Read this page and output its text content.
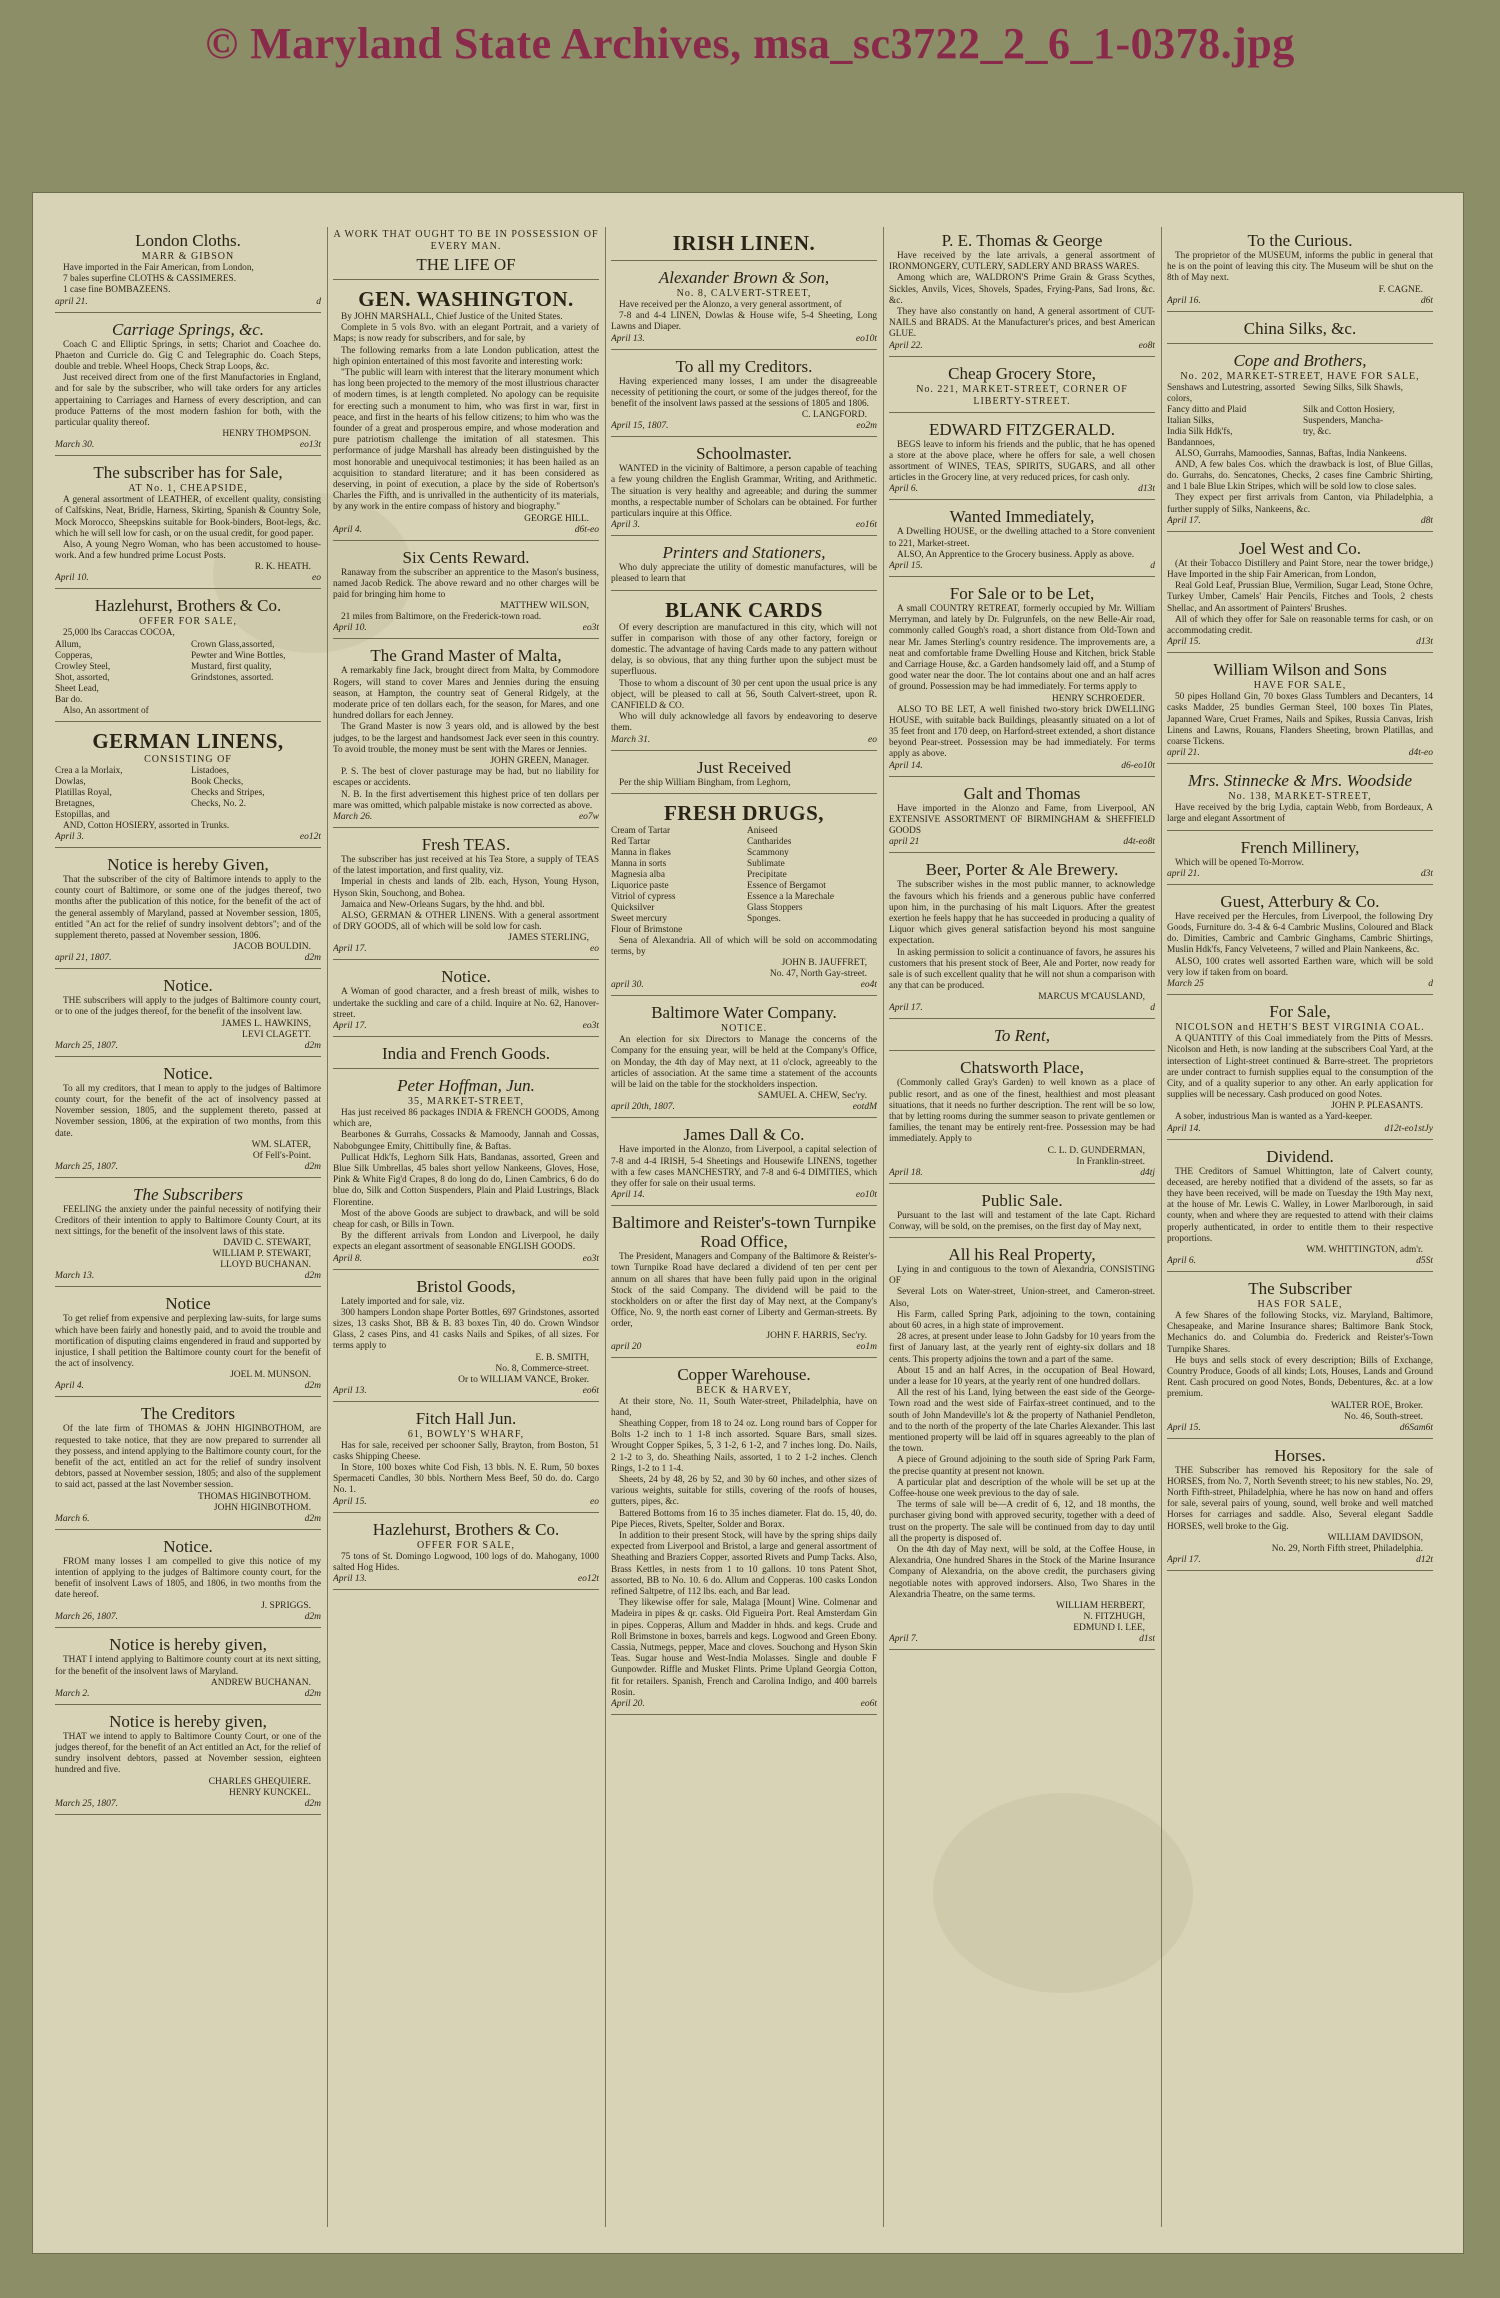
© Maryland State Archives, msa_sc3722_2_6_1-0378.jpg
London Cloths.
MARR & GIBSON

Have imported in the Fair American, from London,

7 bales superfine CLOTHS & CASSIMERES.

1 case fine BOMBAZEENS.

april 21.	d
Carriage Springs, &c.

Coach C and Elliptic Springs, in setts; Chariot and Coachee do. Phaeton and Curricle do. Gig C and Telegraphic do. Coach Steps, double and treble. Wheel Hoops, Check Strap Loops, &c.

Just received direct from one of the first Manufactories in England, and for sale by the subscriber, who will take orders for any articles appertaining to Carriages and Harness of every description, and can produce Patterns of the most modern fashion for both, with the particular quality thereof.

HENRY THOMPSON.
March 30.	eo13t
The subscriber has for Sale,
AT No. 1, CHEAPSIDE,

A general assortment of LEATHER, of excellent quality, consisting of Calfskins, Neat, Bridle, Harness, Skirting, Spanish & Country Sole, Mock Morocco, Sheepskins suitable for Book-binders, Boot-legs, &c. which he will sell low for cash, or on the usual credit, for good paper.

Also, A young Negro Woman, who has been accustomed to house-work. And a few hundred prime Locust Posts.

R. K. HEATH.
April 10.	eo
Hazlehurst, Brothers & Co.
OFFER FOR SALE,

25,000 lbs Caraccas COCOA,

Allum,	Crown Glass,assorted,
Copperas,	Pewter and Wine Bottles,
Crowley Steel,	Mustard, first quality,
Shot, assorted,	Grindstones, assorted.
Sheet Lead,
Bar do.

Also, An assortment of

GERMAN LINENS,
CONSISTING OF
Crea a la Morlaix,	Listadoes,
Dowlas,	Book Checks,
Platillas Royal,	Checks and Stripes,
Bretagnes,	Checks, No. 2.
Estopillas, and

AND, Cotton HOSIERY, assorted in Trunks.

April 3.	eo12t
Notice is hereby Given,

That the subscriber of the city of Baltimore intends to apply to the county court of Baltimore, or some one of the judges thereof, two months after the publication of this notice, for the benefit of the act of the general assembly of Maryland, passed at November session, 1805, entitled "An act for the relief of sundry insolvent debtors"; and of the supplement thereto, passed at November session, 1806.

JACOB BOULDIN.
april 21, 1807.	d2m
Notice.

THE subscribers will apply to the judges of Baltimore county court, or to one of the judges thereof, for the benefit of the insolvent law.

JAMES L. HAWKINS,
LEVI CLAGETT.
March 25, 1807.	d2m
Notice.

To all my creditors, that I mean to apply to the judges of Baltimore county court, for the benefit of the act of insolvency passed at November session, 1805, and the supplement thereto, passed at November session, 1806, at the expiration of two months, from this date.

WM. SLATER,
Of Fell's-Point.
March 25, 1807.	d2m
The Subscribers

FEELING the anxiety under the painful necessity of notifying their Creditors of their intention to apply to Baltimore County Court, at its next sittings, for the benefit of the insolvent laws of this state.

DAVID C. STEWART,
WILLIAM P. STEWART,
LLOYD BUCHANAN.
March 13.	d2m
Notice

To get relief from expensive and perplexing law-suits, for large sums which have been fairly and honestly paid, and to avoid the trouble and mortification of disputing claims engendered in fraud and supported by injustice, I shall petition the Baltimore county court for the benefit of the act of insolvency.

JOEL M. MUNSON.
April 4.	d2m
The Creditors

Of the late firm of THOMAS & JOHN HIGINBOTHOM, are requested to take notice, that they are now prepared to surrender all they possess, and intend applying to the Baltimore county court, for the benefit of the act, entitled an act for the relief of sundry insolvent debtors, passed at November session, 1805; and also of the supplement to said act, passed at the last November session.

THOMAS HIGINBOTHOM.
JOHN HIGINBOTHOM.
March 6.	d2m
Notice.

FROM many losses I am compelled to give this notice of my intention of applying to the judges of Baltimore county court, for the benefit of insolvent Laws of 1805, and 1806, in two months from the date hereof.

J. SPRIGGS.
March 26, 1807.	d2m
Notice is hereby given,

THAT I intend applying to Baltimore county court at its next sitting, for the benefit of the insolvent laws of Maryland.

ANDREW BUCHANAN.
March 2.	d2m
Notice is hereby given,

THAT we intend to apply to Baltimore County Court, or one of the judges thereof, for the benefit of an Act entitled an Act, for the relief of sundry insolvent debtors, passed at November session, eighteen hundred and five.

CHARLES GHEQUIERE.
HENRY KUNCKEL.
March 25, 1807.	d2m
A WORK THAT OUGHT TO BE IN POSSESSION OF EVERY MAN.
THE LIFE OF
GEN. WASHINGTON.

By JOHN MARSHALL, Chief Justice of the United States.

Complete in 5 vols 8vo. with an elegant Portrait, and a variety of Maps; is now ready for subscribers, and for sale, by

The following remarks from a late London publication, attest the high opinion entertained of this most favorite and interesting work:

"The public will learn with interest that the literary monument which has long been projected to the memory of the most illustrious character of modern times, is at length completed. No apology can be requisite for erecting such a monument to him, who was first in war, first in peace, and first in the hearts of his fellow citizens; to him who was the founder of a great and prosperous empire, and whose moderation and pure patriotism challenge the imitation of all statesmen. This performance of judge Marshall has already been distinguished by the most honorable and unequivocal testimonies; it has been hailed as an acquisition to standard literature; and it has been considered as deserving, in point of execution, a place by the side of Robertson's Charles the Fifth, and is unrivalled in the authenticity of its materials, by any work in the entire compass of history and biography."

GEORGE HILL.
April 4.	d6t-eo
Six Cents Reward.

Ranaway from the subscriber an apprentice to the Mason's business, named Jacob Redick. The above reward and no other charges will be paid for bringing him home to

MATTHEW WILSON,

21 miles from Baltimore, on the Frederick-town road.

April 10.	eo3t
The Grand Master of Malta,

A remarkably fine Jack, brought direct from Malta, by Commodore Rogers, will stand to cover Mares and Jennies during the ensuing season, at Hampton, the country seat of General Ridgely, at the moderate price of ten dollars each, for the season, for Mares, and one hundred dollars for each Jenney.

The Grand Master is now 3 years old, and is allowed by the best judges, to be the largest and handsomest Jack ever seen in this country. To avoid trouble, the money must be sent with the Mares or Jennies.

JOHN GREEN, Manager.

P. S. The best of clover pasturage may be had, but no liability for escapes or accidents.

N. B. In the first advertisement this highest price of ten dollars per mare was omitted, which palpable mistake is now corrected as above.

March 26.	eo7w
Fresh TEAS.

The subscriber has just received at his Tea Store, a supply of TEAS of the latest importation, and first quality, viz.

Imperial in chests and lands of 2lb. each, Hyson, Young Hyson, Hyson Skin, Souchong, and Bohea.

Jamaica and New-Orleans Sugars, by the hhd. and bbl.

ALSO, GERMAN & OTHER LINENS. With a general assortment of DRY GOODS, all of which will be sold low for cash.

JAMES STERLING,
April 17.	eo
Notice.

A Woman of good character, and a fresh breast of milk, wishes to undertake the suckling and care of a child. Inquire at No. 62, Hanover-street.

April 17.	eo3t
India and French Goods.
Peter Hoffman, Jun.
35, MARKET-STREET,

Has just received 86 packages INDIA & FRENCH GOODS, Among which are,

Bearbones & Gurrahs, Cossacks & Mamoody, Jannah and Cossas, Nabobgungee Emity, Chittibully fine, & Baftas.

Pullicat Hdk'fs, Leghorn Silk Hats, Bandanas, assorted, Green and Blue Silk Umbrellas, 45 bales short yellow Nankeens, Gloves, Hose, Pink & White Fig'd Crapes, 8 do long do do, Linen Cambrics, 6 do do blue do, Silk and Cotton Suspenders, Plain and Plaid Lustrings, Black Florentine.

Most of the above Goods are subject to drawback, and will be sold cheap for cash, or Bills in Town.

By the different arrivals from London and Liverpool, he daily expects an elegant assortment of seasonable ENGLISH GOODS.

April 8.	eo3t
Bristol Goods,

Lately imported and for sale, viz.

300 hampers London shape Porter Bottles, 697 Grindstones, assorted sizes, 13 casks Shot, BB & B. 83 boxes Tin, 40 do. Crown Windsor Glass, 2 cases Pins, and 41 casks Nails and Spikes, of all sizes. For terms apply to

E. B. SMITH,
No. 8, Commerce-street.
Or to WILLIAM VANCE, Broker.
April 13.	eo6t
Fitch Hall Jun.
61, BOWLY'S WHARF,

Has for sale, received per schooner Sally, Brayton, from Boston, 51 casks Shipping Cheese.

In Store, 100 boxes white Cod Fish, 13 bbls. N. E. Rum, 50 boxes Spermaceti Candles, 30 bbls. Northern Mess Beef, 50 do. do. Cargo No. 1.

April 15.	eo
Hazlehurst, Brothers & Co.
OFFER FOR SALE,

75 tons of St. Domingo Logwood, 100 logs of do. Mahogany, 1000 salted Hog Hides.

April 13.	eo12t
IRISH LINEN.
Alexander Brown & Son,
No. 8, CALVERT-STREET,

Have received per the Alonzo, a very general assortment, of

7-8 and 4-4 LINEN, Dowlas & House wife, 5-4 Sheeting, Long Lawns and Diaper.

April 13.	eo10t
To all my Creditors.

Having experienced many losses, I am under the disagreeable necessity of petitioning the court, or some of the judges thereof, for the benefit of the insolvent laws passed at the sessions of 1805 and 1806.

C. LANGFORD.
April 15, 1807.	eo2m
Schoolmaster.

WANTED in the vicinity of Baltimore, a person capable of teaching a few young children the English Grammar, Writing, and Arithmetic. The situation is very healthy and agreeable; and during the summer months, a respectable number of Scholars can be obtained. For further particulars inquire at this Office.

April 3.	eo16t
Printers and Stationers,

Who duly appreciate the utility of domestic manufactures, will be pleased to learn that

BLANK CARDS

Of every description are manufactured in this city, which will not suffer in comparison with those of any other factory, foreign or domestic. The advantage of having Cards made to any pattern without delay, is so obvious, that any thing further upon the subject must be superfluous.

Those to whom a discount of 30 per cent upon the usual price is any object, will be pleased to call at 56, South Calvert-street, upon R. CANFIELD & CO.

Who will duly acknowledge all favors by endeavoring to deserve them.

March 31.	eo
Just Received

Per the ship William Bingham, from Leghorn,

FRESH DRUGS,
Cream of Tartar	Aniseed
Red Tartar	Cantharides
Manna in flakes	Scammony
Manna in sorts	Sublimate
Magnesia alba	Precipitate
Liquorice paste	Essence of Bergamot
Vitriol of cypress	Essence a la Marechale
Quicksilver	Glass Stoppers
Sweet mercury	Sponges.
Flour of Brimstone

Sena of Alexandria. All of which will be sold on accommodating terms, by

JOHN B. JAUFFRET,
No. 47, North Gay-street.
april 30.	eo4t
Baltimore Water Company.
NOTICE.

An election for six Directors to Manage the concerns of the Company for the ensuing year, will be held at the Company's Office, on Monday, the 4th day of May next, at 11 o'clock, agreeably to the articles of association. At the same time a statement of the accounts will be laid on the table for the stockholders inspection.

SAMUEL A. CHEW, Sec'ry.
april 20th, 1807.	eotdM
James Dall & Co.

Have imported in the Alonzo, from Liverpool, a capital selection of 7-8 and 4-4 IRISH, 5-4 Sheetings and Housewife LINENS, together with a few cases MANCHESTRY, and 7-8 and 6-4 DIMITIES, which they offer for sale on their usual terms.

April 14.	eo10t
Baltimore and Reister's-town Turnpike Road Office,

The President, Managers and Company of the Baltimore & Reister's-town Turnpike Road have declared a dividend of ten per cent per annum on all shares that have been fully paid upon in the original Stock of the said Company. The dividend will be paid to the stockholders on or after the first day of May next, at the Company's Office, No. 9, the north east corner of Liberty and German-streets. By order,

JOHN F. HARRIS, Sec'ry.
april 20	eo1m
Copper Warehouse.
BECK & HARVEY,

At their store, No. 11, South Water-street, Philadelphia, have on hand,

Sheathing Copper, from 18 to 24 oz. Long round bars of Copper for Bolts 1-2 inch to 1 1-8 inch assorted. Square Bars, small sizes. Wrought Copper Spikes, 5, 3 1-2, 6 1-2, and 7 inches long. Do. Nails, 2 1-2 to 3, do. Sheathing Nails, assorted, 1 to 2 1-2 inches. Clench Rings, 1-2 to 1 1-4.

Sheets, 24 by 48, 26 by 52, and 30 by 60 inches, and other sizes of various weights, suitable for stills, covering of the roofs of houses, gutters, pipes, &c.

Battered Bottoms from 16 to 35 inches diameter. Flat do. 15, 40, do. Pipe Pieces, Rivets, Spelter, Solder and Borax.

In addition to their present Stock, will have by the spring ships daily expected from Liverpool and Bristol, a large and general assortment of Sheathing and Braziers Copper, assorted Rivets and Pump Tacks. Also, Brass Kettles, in nests from 1 to 10 gallons. 10 tons Patent Shot, assorted, BB to No. 10. 6 do. Allum and Copperas. 100 casks London refined Saltpetre, of 112 lbs. each, and Bar lead.

They likewise offer for sale, Malaga [Mount] Wine. Colmenar and Madeira in pipes & qr. casks. Old Figueira Port. Real Amsterdam Gin in pipes. Copperas, Allum and Madder in hhds. and kegs. Crude and Roll Brimstone in boxes, barrels and kegs. Logwood and Green Ebony. Cassia, Nutmegs, pepper, Mace and cloves. Souchong and Hyson Skin Teas. Sugar house and West-India Molasses. Single and double F Gunpowder. Riffle and Musket Flints. Prime Upland Georgia Cotton, fit for retailers. Spanish, French and Carolina Indigo, and 400 barrels Rosin.

April 20.	eo6t
P. E. Thomas & George

Have received by the late arrivals, a general assortment of IRONMONGERY, CUTLERY, SADLERY AND BRASS WARES.

Among which are, WALDRON'S Prime Grain & Grass Scythes, Sickles, Anvils, Vices, Shovels, Spades, Frying-Pans, Sad Irons, &c. &c.

They have also constantly on hand, A general assortment of CUT-NAILS and BRADS. At the Manufacturer's prices, and best American GLUE.

April 22.	eo8t
Cheap Grocery Store,
No. 221, MARKET-STREET, CORNER OF LIBERTY-STREET.
EDWARD FITZGERALD.

BEGS leave to inform his friends and the public, that he has opened a store at the above place, where he offers for sale, a well chosen assortment of WINES, TEAS, SPIRITS, SUGARS, and all other articles in the Grocery line, at very reduced prices, for cash only.

April 6.	d13t
Wanted Immediately,

A Dwelling HOUSE, or the dwelling attached to a Store convenient to 221, Market-street.

ALSO, An Apprentice to the Grocery business. Apply as above.

April 15.	d
For Sale or to be Let,

A small COUNTRY RETREAT, formerly occupied by Mr. William Merryman, and lately by Dr. Fulgrunfels, on the new Belle-Air road, commonly called Gough's road, a short distance from Old-Town and near Mr. James Sterling's country residence. The improvements are, a neat and comfortable frame Dwelling House and Kitchen, brick Stable and Carriage House, &c. a Garden handsomely laid off, and a Stump of good water near the door. The lot contains about one and an half acres of ground. Possession may be had immediately. For terms apply to

HENRY SCHROEDER.

ALSO TO BE LET, A well finished two-story brick DWELLING HOUSE, with suitable back Buildings, pleasantly situated on a lot of 35 feet front and 170 deep, on Harford-street extended, a short distance beyond Pear-street. Possession may be had immediately. For terms apply as above.

April 14.	d6-eo10t
Galt and Thomas

Have imported in the Alonzo and Fame, from Liverpool, AN EXTENSIVE ASSORTMENT OF BIRMINGHAM & SHEFFIELD GOODS

april 21	d4t-eo8t
Beer, Porter & Ale Brewery.

The subscriber wishes in the most public manner, to acknowledge the favours which his friends and a generous public have conferred upon him, in the purchasing of his malt Liquors. After the greatest exertion he feels happy that he has succeeded in producing a quality of Liquor which gives general satisfaction beyond his most sanguine expectation.

In asking permission to solicit a continuance of favors, he assures his customers that his present stock of Beer, Ale and Porter, now ready for sale is of such excellent quality that he will not shun a comparison with any that can be produced.

MARCUS M'CAUSLAND,
April 17.	d
To Rent,
Chatsworth Place,

(Commonly called Gray's Garden) to well known as a place of public resort, and as one of the finest, healthiest and most pleasant situations, that it needs no further description. The rent will be so low, that by letting rooms during the summer season to private gentlemen or families, the tenant may be entirely rent-free. Possession may be had immediately. Apply to

C. L. D. GUNDERMAN,
In Franklin-street.
April 18.	d4tj
Public Sale.

Pursuant to the last will and testament of the late Capt. Richard Conway, will be sold, on the premises, on the first day of May next,

All his Real Property,

Lying in and contiguous to the town of Alexandria, CONSISTING OF

Several Lots on Water-street, Union-street, and Cameron-street. Also,

His Farm, called Spring Park, adjoining to the town, containing about 60 acres, in a high state of improvement.

28 acres, at present under lease to John Gadsby for 10 years from the first of January last, at the yearly rent of eighty-six dollars and 18 cents. This property adjoins the town and a part of the same.

About 15 and an half Acres, in the occupation of Beal Howard, under a lease for 10 years, at the yearly rent of one hundred dollars.

All the rest of his Land, lying between the east side of the George-Town road and the west side of Fairfax-street continued, and to the south of John Mandeville's lot & the property of Nathaniel Pendleton, and to the north of the property of the late Charles Alexander. This last mentioned property will be laid off in squares agreeably to the plan of the town.

A piece of Ground adjoining to the south side of Spring Park Farm, the precise quantity at present not known.

A particular plat and description of the whole will be set up at the Coffee-house one week previous to the day of sale.

The terms of sale will be—A credit of 6, 12, and 18 months, the purchaser giving bond with approved security, together with a deed of trust on the property. The sale will be continued from day to day until all the property is disposed of.

On the 4th day of May next, will be sold, at the Coffee House, in Alexandria, One hundred Shares in the Stock of the Marine Insurance Company of Alexandria, on the above credit, the purchasers giving negotiable notes with approved indorsers. Also, Two Shares in the Alexandria Theatre, on the same terms.

WILLIAM HERBERT,
N. FITZHUGH,
EDMUND I. LEE,
April 7.	d1st
To the Curious.

The proprietor of the MUSEUM, informs the public in general that he is on the point of leaving this city. The Museum will be shut on the 8th of May next.

F. CAGNE.
April 16.	d6t
China Silks, &c.
Cope and Brothers,
No. 202, MARKET-STREET, HAVE FOR SALE,
Senshaws and Lutestring, assorted colors,
Sewing Silks, Silk Shawls,
Fancy ditto and Plaid	Silk and Cotton Hosiery,
Italian Silks,	Suspenders, Mancha-
India Silk Hdk'fs,	try, &c.
Bandannoes,

ALSO, Gurrahs, Mamoodies, Sannas, Baftas, India Nankeens.

AND, A few bales Cos. which the drawback is lost, of Blue Gillas, do. Gurrahs, do. Sencatones, Checks, 2 cases fine Cambric Shirting, and 1 bale Blue Lkin Stripes, which will be sold low to close sales.

They expect per first arrivals from Canton, via Philadelphia, a further supply of Silks, Nankeens, &c.

April 17.	d8t
Joel West and Co.

(At their Tobacco Distillery and Paint Store, near the tower bridge,) Have Imported in the ship Fair American, from London,

Real Gold Leaf, Prussian Blue, Vermilion, Sugar Lead, Stone Ochre, Turkey Umber, Camels' Hair Pencils, Fitches and Tools, 2 chests Shellac, and An assortment of Painters' Brushes.

All of which they offer for Sale on reasonable terms for cash, or on accommodating credit.

April 15.	d13t
William Wilson and Sons
HAVE FOR SALE,

50 pipes Holland Gin, 70 boxes Glass Tumblers and Decanters, 14 casks Madder, 25 bundles German Steel, 100 boxes Tin Plates, Japanned Ware, Cruet Frames, Nails and Spikes, Russia Canvas, Irish Linens and Lawns, Rouans, Flanders Sheeting, brown Platillas, and coarse Tickens.

april 21.	d4t-eo
Mrs. Stinnecke & Mrs. Woodside
No. 138, MARKET-STREET,

Have received by the brig Lydia, captain Webb, from Bordeaux, A large and elegant Assortment of

French Millinery,

Which will be opened To-Morrow.

april 21.	d3t
Guest, Atterbury & Co.

Have received per the Hercules, from Liverpool, the following Dry Goods, Furniture do. 3-4 & 6-4 Cambric Muslins, Coloured and Black do. Dimities, Cambric and Cambric Ginghams, Cambric Shirtings, Muslin Hdk'fs, Fancy Velveteens, 7 willed and Plain Nankeens, &c.

ALSO, 100 crates well assorted Earthen ware, which will be sold very low if taken from on board.

March 25	d
For Sale,
NICOLSON and HETH'S BEST VIRGINIA COAL.

A QUANTITY of this Coal immediately from the Pitts of Messrs. Nicolson and Heth, is now landing at the subscribers Coal Yard, at the intersection of Light-street continued & Barre-street. The proprietors are under contract to furnish supplies equal to the consumption of the City, and of a quality superior to any other. An early application for supplies will be necessary. Cash produced on good Notes.

JOHN P. PLEASANTS.

A sober, industrious Man is wanted as a Yard-keeper.

April 14.	d12t-eo1stJy
Dividend.

THE Creditors of Samuel Whittington, late of Calvert county, deceased, are hereby notified that a dividend of the assets, so far as they have been received, will be made on Tuesday the 19th May next, at the house of Mr. Lewis C. Walley, in Lower Marlborough, in said county, when and where they are requested to attend with their claims properly authenticated, in order to entitle them to their respective proportions.

WM. WHITTINGTON, adm'r.
April 6.	d5St
The Subscriber
HAS FOR SALE,

A few Shares of the following Stocks, viz. Maryland, Baltimore, Chesapeake, and Marine Insurance shares; Baltimore Bank Stock, Mechanics do. and Columbia do. Frederick and Reister's-Town Turnpike Shares.

He buys and sells stock of every description; Bills of Exchange, Country Produce, Goods of all kinds; Lots, Houses, Lands and Ground Rent. Cash procured on good Notes, Bonds, Debentures, &c. at a low premium.

WALTER ROE, Broker.
No. 46, South-street.
April 15.	d6Sam6t
Horses.

THE Subscriber has removed his Repository for the sale of HORSES, from No. 7, North Seventh street; to his new stables, No. 29, North Fifth-street, Philadelphia, where he has now on hand and offers for sale, several pairs of young, sound, well broke and well matched Horses for carriages and saddle. Also, Several elegant Saddle HORSES, well broke to the Gig.

WILLIAM DAVIDSON,
No. 29, North Fifth street, Philadelphia.
April 17.	d12t
